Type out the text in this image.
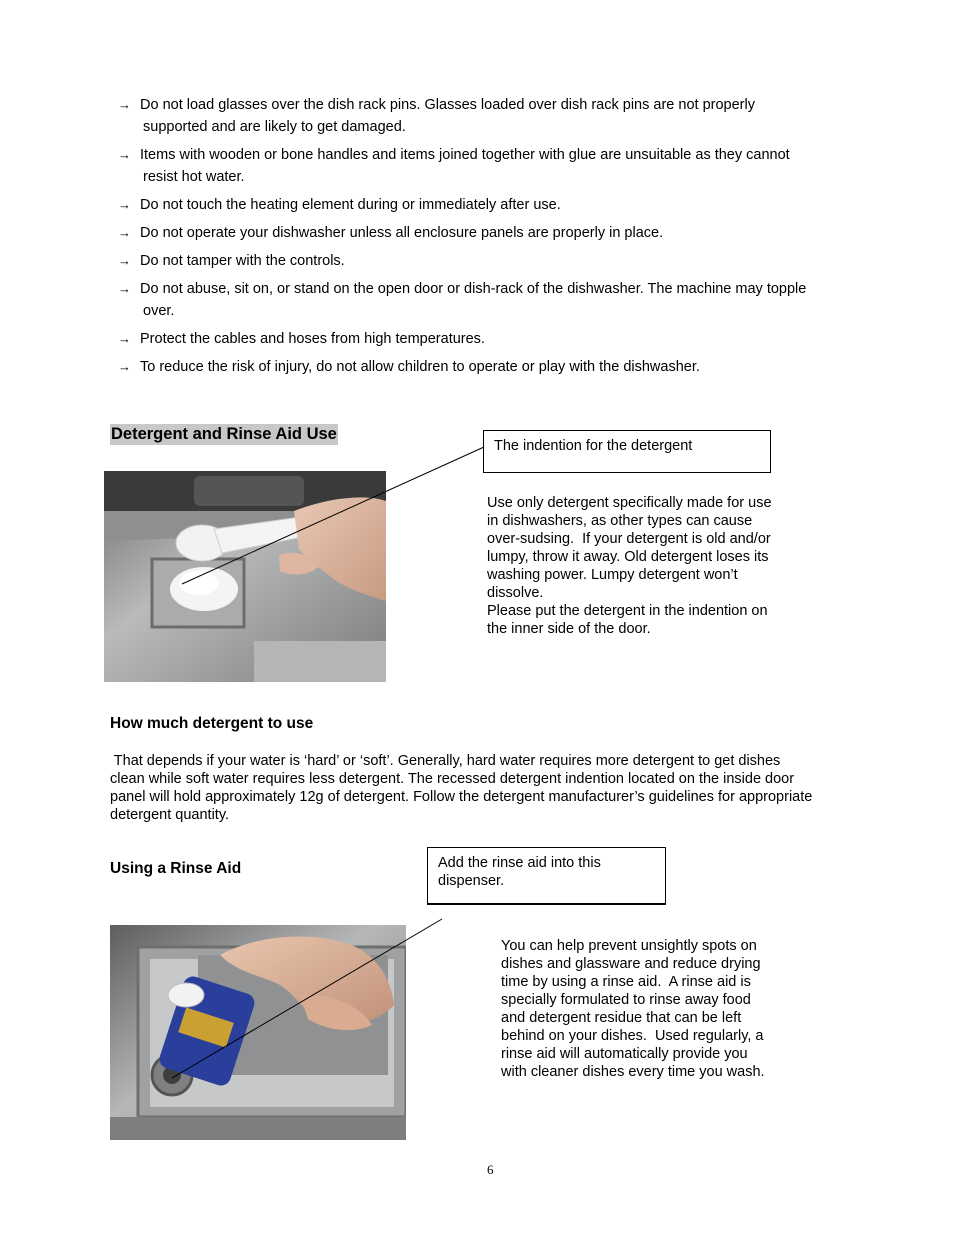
→ Do not load glasses over the dish rack pins. Glasses loaded over dish rack pins are not properly
supported and are likely to get damaged.
→ Items with wooden or bone handles and items joined together with glue are unsuitable as they cannot
resist hot water.
→ Do not touch the heating element during or immediately after use.
→ Do not operate your dishwasher unless all enclosure panels are properly in place.
→ Do not tamper with the controls.
→ Do not abuse, sit on, or stand on the open door or dish-rack of the dishwasher. The machine may topple
over.
→ Protect the cables and hoses from high temperatures.
→ To reduce the risk of injury, do not allow children to operate or play with the dishwasher.
Detergent and Rinse Aid Use
The indention for the detergent
Use only detergent specifically made for use
in dishwashers, as other types can cause
over-sudsing.  If your detergent is old and/or
lumpy, throw it away. Old detergent loses its
washing power. Lumpy detergent won’t
dissolve.
Please put the detergent in the indention on
the inner side of the door.
How much detergent to use
That depends if your water is ‘hard’ or ‘soft’. Generally, hard water requires more detergent to get dishes
clean while soft water requires less detergent. The recessed detergent indention located on the inside door
panel will hold approximately 12g of detergent. Follow the detergent manufacturer’s guidelines for appropriate
detergent quantity.
Using a Rinse Aid	Add the rinse aid into this
dispenser.
You can help prevent unsightly spots on
dishes and glassware and reduce drying
time by using a rinse aid.  A rinse aid is
specially formulated to rinse away food
and detergent residue that can be left
behind on your dishes.  Used regularly, a
rinse aid will automatically provide you
with cleaner dishes every time you wash.
6
